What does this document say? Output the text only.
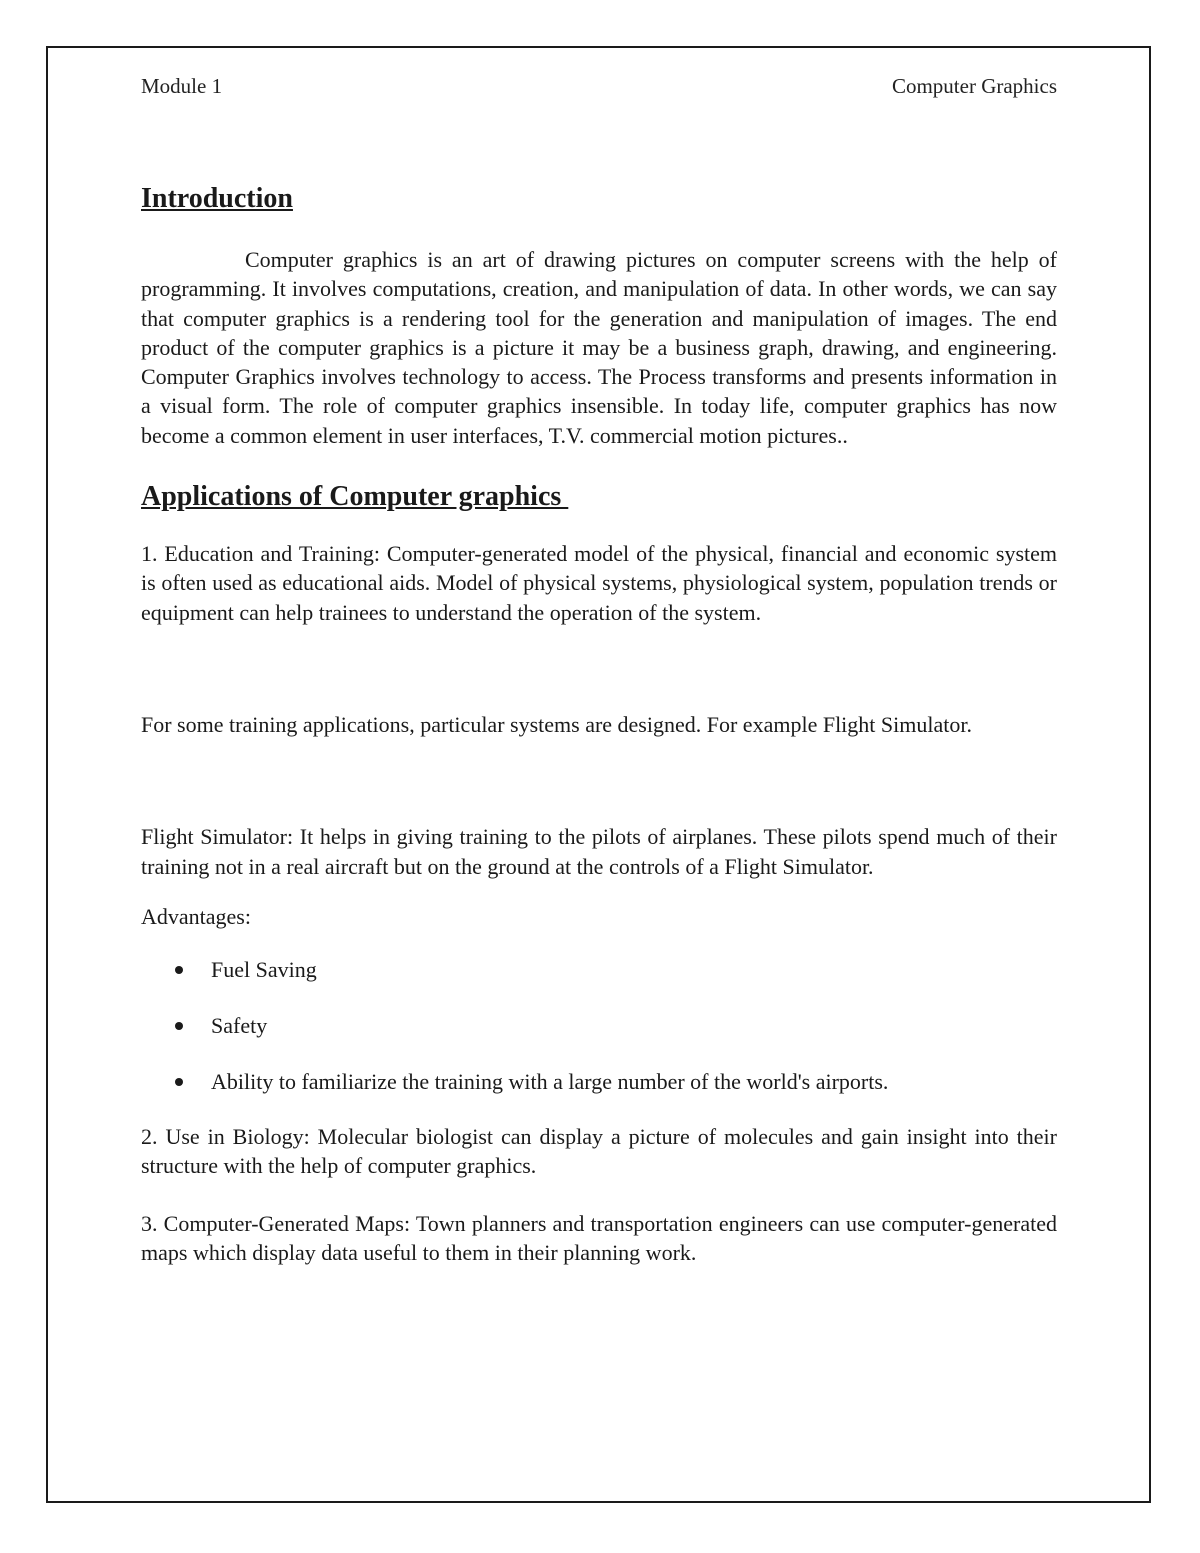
Module 1	Computer Graphics
Introduction

Computer graphics is an art of drawing pictures on computer screens with the help of programming. It involves computations, creation, and manipulation of data. In other words, we can say that computer graphics is a rendering tool for the generation and manipulation of images. The end product of the computer graphics is a picture it may be a business graph, drawing, and engineering. Computer Graphics involves technology to access. The Process transforms and presents information in a visual form. The role of computer graphics insensible. In today life, computer graphics has now become a common element in user interfaces, T.V. commercial motion pictures..

Applications of Computer graphics

1. Education and Training: Computer-generated model of the physical, financial and economic system is often used as educational aids. Model of physical systems, physiological system, population trends or equipment can help trainees to understand the operation of the system.

For some training applications, particular systems are designed. For example Flight Simulator.

Flight Simulator: It helps in giving training to the pilots of airplanes. These pilots spend much of their training not in a real aircraft but on the ground at the controls of a Flight Simulator.

Advantages:

Fuel Saving
Safety
Ability to familiarize the training with a large number of the world's airports.

2. Use in Biology: Molecular biologist can display a picture of molecules and gain insight into their structure with the help of computer graphics.

3. Computer-Generated Maps: Town planners and transportation engineers can use computer-generated maps which display data useful to them in their planning work.
